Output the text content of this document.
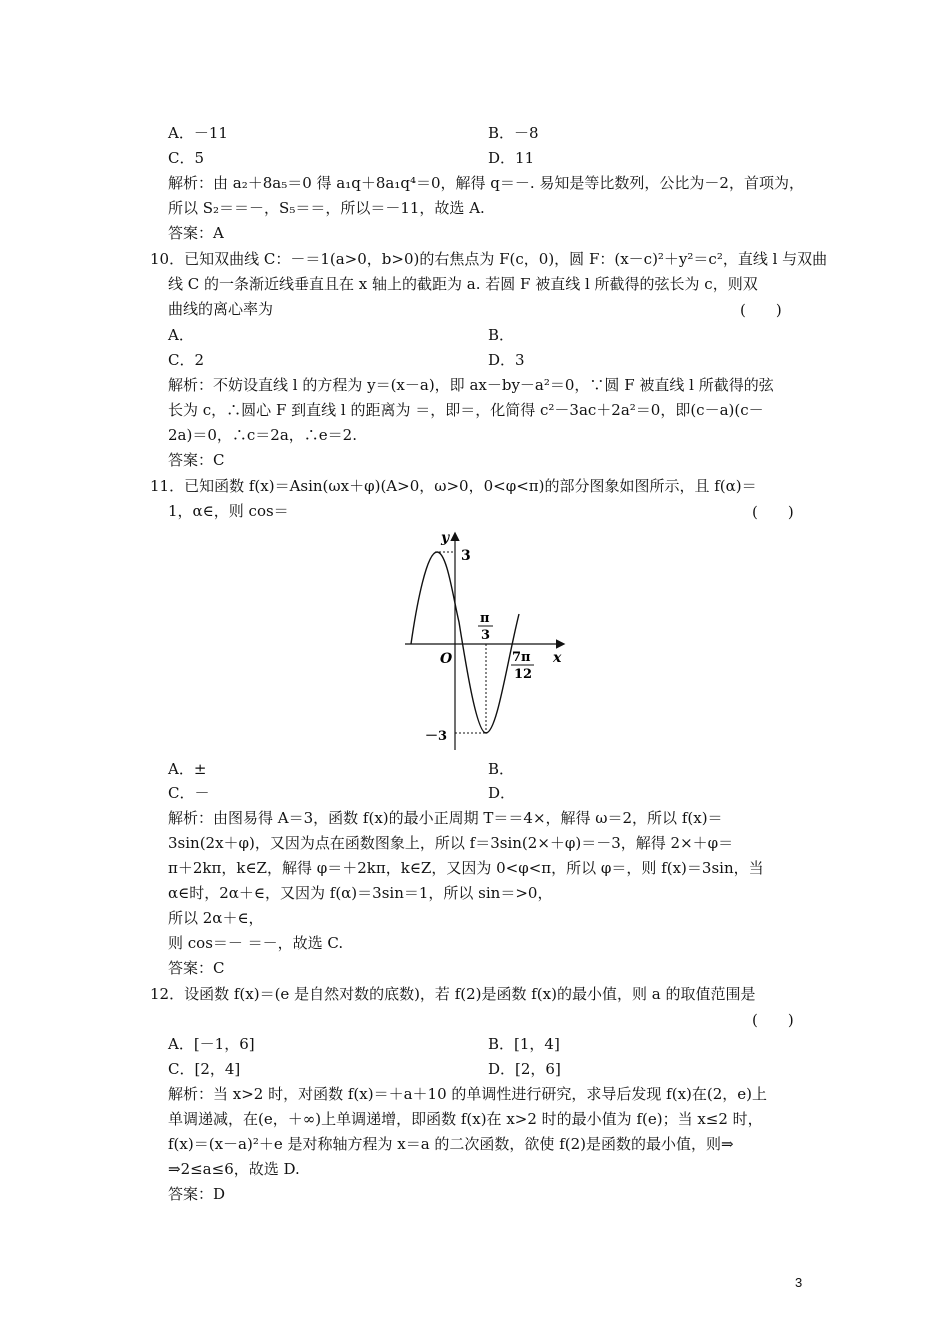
A．－11	B．－8
C．5	D．11
解析：由 a₂＋8a₅＝0 得 a₁q＋8a₁q⁴＝0，解得 q＝－. 易知是等比数列，公比为－2，首项为，
所以 S₂＝＝－，S₅＝＝，所以＝－11，故选 A.
答案：A
10．已知双曲线 C：－＝1(a>0，b>0)的右焦点为 F(c，0)，圆 F：(x－c)²＋y²＝c²，直线 l 与双曲
线 C 的一条渐近线垂直且在 x 轴上的截距为 a. 若圆 F 被直线 l 所截得的弦长为 c，则双
曲线的离心率为	(　　)
A．	B．
C．2	D．3
解析：不妨设直线 l 的方程为 y＝(x－a)，即 ax－by－a²＝0，∵圆 F 被直线 l 所截得的弦
长为 c，∴圆心 F 到直线 l 的距离为 ＝，即＝，化简得 c²－3ac＋2a²＝0，即(c－a)(c－
2a)＝0，∴c＝2a，∴e＝2.
答案：C
11．已知函数 f(x)＝Asin(ωx＋φ)(A>0，ω>0，0<φ<π)的部分图象如图所示，且 f(α)＝
1，α∈，则 cos＝	(　　)
y
3
O
－3
π
3
7π
12
x
A．±	B．
C．－	D．
解析：由图易得 A＝3，函数 f(x)的最小正周期 T＝＝4×，解得 ω＝2，所以 f(x)＝
3sin(2x＋φ)，又因为点在函数图象上，所以 f＝3sin(2×＋φ)＝－3，解得 2×＋φ＝
π＋2kπ，k∈Z，解得 φ＝＋2kπ，k∈Z，又因为 0<φ<π，所以 φ＝，则 f(x)＝3sin，当
α∈时，2α＋∈，又因为 f(α)＝3sin＝1，所以 sin＝>0，
所以 2α＋∈，
则 cos＝－ ＝－，故选 C.
答案：C
12．设函数 f(x)＝(e 是自然对数的底数)，若 f(2)是函数 f(x)的最小值，则 a 的取值范围是
(　　)
A．[－1，6]	B．[1，4]
C．[2，4]	D．[2，6]
解析：当 x>2 时，对函数 f(x)＝＋a＋10 的单调性进行研究，求导后发现 f(x)在(2，e)上
单调递减，在(e，＋∞)上单调递增，即函数 f(x)在 x>2 时的最小值为 f(e)；当 x≤2 时，
f(x)＝(x－a)²＋e 是对称轴方程为 x＝a 的二次函数，欲使 f(2)是函数的最小值，则⇒
⇒2≤a≤6，故选 D.
答案：D
3
